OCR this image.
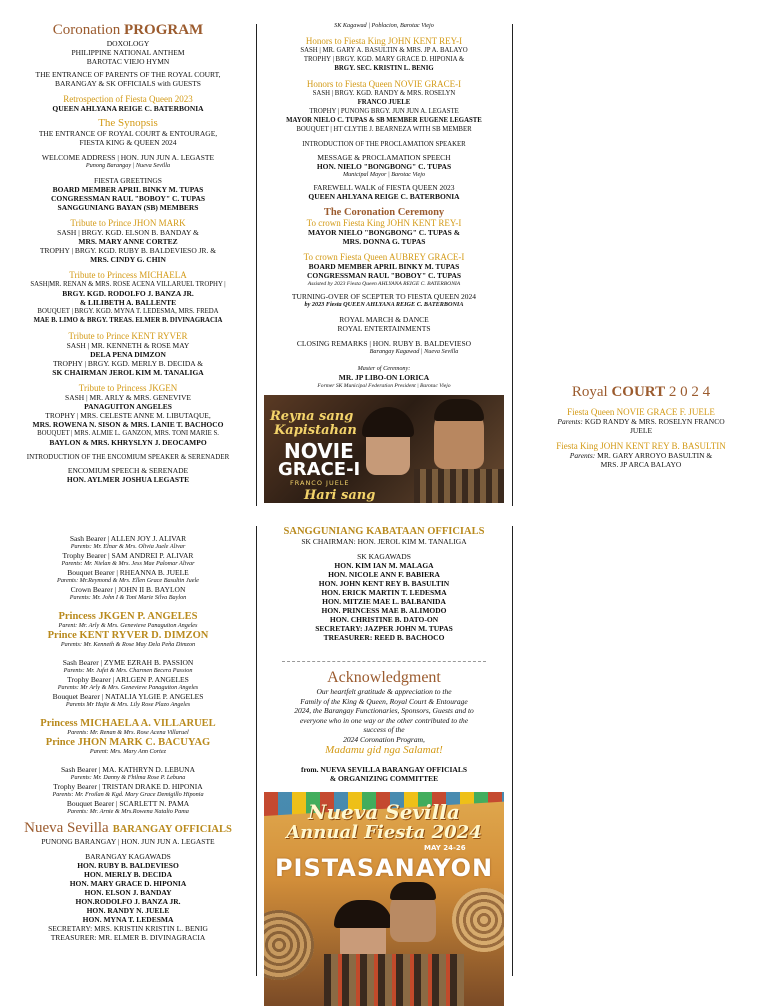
Coronation PROGRAM
DOXOLOGY
PHILIPPINE NATIONAL ANTHEM
BAROTAC VIEJO HYMN
THE ENTRANCE OF PARENTS OF THE ROYAL COURT,
BARANGAY & SK OFFICIALS with GUESTS
Retrospection of Fiesta Queen 2023
QUEEN AHLYANA REIGE C. BATERBONIA
The Synopsis
THE ENTRANCE OF ROYAL COURT & ENTOURAGE,
FIESTA KING & QUEEN 2024
WELCOME ADDRESS | HON. JUN JUN A. LEGASTE
Punong Barangay | Nueva Sevilla
FIESTA GREETINGS
BOARD MEMBER APRIL BINKY M. TUPAS
CONGRESSMAN RAUL "BOBOY" C. TUPAS
SANGGUNIANG BAYAN (SB) MEMBERS
Tribute to Prince JHON MARK
SASH | BRGY. KGD. ELSON B. BANDAY &
MRS. MARY ANNE CORTEZ
TROPHY | BRGY. KGD. RUBY B. BALDEVIESO JR. &
MRS. CINDY G. CHIN
Tribute to Princess MICHAELA
SASH|MR. RENAN & MRS. ROSE ACENA VILLARUEL TROPHY |
BRGY. KGD. RODOLFO J. BANZA JR.
& LILIBETH A. BALLENTE
BOUQUET | BRGY. KGD. MYNA T. LEDESMA, MRS. FREDA
MAE B. LIMO & BRGY. TREAS. ELMER B. DIVINAGRACIA
Tribute to Prince KENT RYVER
SASH | MR. KENNETH & ROSE MAY
DELA PENA DIMZON
TROPHY | BRGY. KGD. MERLY B. DECIDA &
SK CHAIRMAN JEROL KIM M. TANALIGA
Tribute to Princess JKGEN
SASH | MR. ARLY & MRS. GENEVIVE
PANAGUITON ANGELES
TROPHY | MRS. CELESTE ANNE M. LIBUTAQUE,
MRS. ROWENA N. SISON & MRS. LANIE T. BACHOCO
BOUQUET | MRS. ALMIE L. GANZON, MRS. TONI MARIE S.
BAYLON & MRS. KHRYSLYN J. DEOCAMPO
INTRODUCTION OF THE ENCOMIUM SPEAKER & SERENADER
ENCOMIUM SPEECH & SERENADE
HON. AYLMER JOSHUA LEGASTE
SK Kagawad | Poblacion, Barotac Viejo
Honors to Fiesta King JOHN KENT REY-I
SASH | MR. GARY A. BASULTIN & MRS. JP A. BALAYO
TROPHY | BRGY. KGD. MARY GRACE D. HIPONIA &
BRGY. SEC. KRISTIN L. BENIG
Honors to Fiesta Queen NOVIE GRACE-I
SASH | BRGY. KGD. RANDY & MRS. ROSELYN
FRANCO JUELE
TROPHY | PUNONG BRGY. JUN JUN A. LEGASTE
MAYOR NIELO C. TUPAS & SB MEMBER EUGENE LEGASTE
BOUQUET | HT CLYTIE J. BEARNEZA WITH SB MEMBER
INTRODUCTION OF THE PROCLAMATION SPEAKER
MESSAGE & PROCLAMATION SPEECH
HON. NIELO "BONGBONG" C. TUPAS
Municipal Mayor | Barotac Viejo
FAREWELL WALK of FIESTA QUEEN 2023
QUEEN AHLYANA REIGE C. BATERBONIA
The Coronation Ceremony
To crown Fiesta King JOHN KENT REY-I
MAYOR NIELO "BONGBONG" C. TUPAS &
MRS. DONNA G. TUPAS
To crown Fiesta Queen AUBREY GRACE-I
BOARD MEMBER APRIL BINKY M. TUPAS
CONGRESSMAN RAUL "BOBOY" C. TUPAS
Assisted by 2023 Fiesta Queen AHLYANA REIGE C. BATERBONIA
TURNING-OVER OF SCEPTER TO FIESTA QUEEN 2024
by 2023 Fiesta QUEEN AHLYANA REIGE C. BATERBONIA
ROYAL MARCH & DANCE
ROYAL ENTERTAINMENTS
CLOSING REMARKS | HON. RUBY B. BALDEVIESO
Barangay Kagawad | Nueva Sevilla
Master of Ceremony:
MR. JP LIBO-ON LORICA
Former SK Municipal Federation President | Barotac Viejo
Reyna sang
Kapistahan
NOVIE
GRACE-I
FRANCO JUELE
Hari sang
Royal COURT 2 0 2 4
Fiesta Queen NOVIE GRACE F. JUELE
Parents: KGD RANDY & MRS. ROSELYN FRANCO
JUELE
Fiesta King JOHN KENT REY B. BASULTIN
Parents: MR. GARY ARROYO BASULTIN &
MRS. JP ARCA BALAYO
Sash Bearer | ALLEN JOY J. ALIVAR
Parents: Mr. Elnar & Mrs. Olivia Juele Alivar
Trophy Bearer | SAM ANDREI P. ALIVAR
Parents: Mr. Nielan & Mrs. Jess Mae Palomar Alivar
Bouquet Bearer | RHEANNA B. JUELE
Parents: Mr.Reymond & Mrs. Ellen Grace Basultin Juele
Crown Bearer | JOHN II B. BAYLON
Parents: Mr. John I & Toni Marie Silva Baylon
Princess JKGEN P. ANGELES
Parent: Mr. Arly & Mrs. Genevieve Panaguiton Angeles
Prince KENT RYVER D. DIMZON
Parents: Mr. Kenneth & Rose May Dela Peña Dimzon
Sash Bearer | ZYME EZRAH B. PASSION
Parents: Mr. Jufet & Mrs. Charmen Becera Passion
Trophy Bearer | ARLGEN P. ANGELES
Parents: Mr Arly & Mrs. Genevieve Panaguiton Angeles
Bouquet Bearer | NATALIA YLGIE P. ANGELES
Parents Mr Hajie & Mrs. Lily Rose Plazo Angeles
Princess MICHAELA A. VILLARUEL
Parents: Mr. Renan & Mrs. Rose Acena Villaruel
Prince JHON MARK C. BACUYAG
Parent: Mrs. Mary Ann Cortez
Sash Bearer | MA. KATHRYN D. LEBUNA
Parents: Mr. Danny & Fhilma Rose P. Lebuna
Trophy Bearer | TRISTAN DRAKE D. HIPONIA
Parents: Mr. Froilan & Kgd. Mary Grace Demigillo Hiponia
Bouquet Bearer | SCARLETT N. PAMA
Parents: Mr. Arnie & Mrs.Rowena Natalio Pama
Nueva Sevilla BARANGAY OFFICIALS
PUNONG BARANGAY | HON. JUN JUN A. LEGASTE
BARANGAY KAGAWADS
HON. RUBY B. BALDEVIESO
HON. MERLY B. DECIDA
HON. MARY GRACE D. HIPONIA
HON. ELSON J. BANDAY
HON.RODOLFO J. BANZA JR.
HON. RANDY N. JUELE
HON. MYNA T. LEDESMA
SECRETARY: MRS. KRISTIN KRISTIN L. BENIG
TREASURER: MR. ELMER B. DIVINAGRACIA
SANGGUNIANG KABATAAN OFFICIALS
SK CHAIRMAN: HON. JEROL KIM M. TANALIGA
SK KAGAWADS
HON. KIM IAN M. MALAGA
HON. NICOLE ANN F. BABIERA
HON. JOHN KENT REY B. BASULTIN
HON. ERICK MARTIN T. LEDESMA
HON. MITZIE MAE L. BALBANIDA
HON. PRINCESS MAE B. ALIMODO
HON. CHRISTINE B. DATO-ON
SECRETARY: JAZPER JOHN M. TUPAS
TREASURER: REED B. BACHOCO
Acknowledgment
Our heartfelt gratitude & appreciation to the
Family of the King & Queen, Royal Court & Entourage
2024, the Barangay Functionaries, Sponsors, Guests and to
everyone who in one way or the other contributed to the
success of the
2024 Coronation Program,
Madamu gid nga Salamat!
from. NUEVA SEVILLA BARANGAY OFFICIALS
& ORGANIZING COMMITTEE
Nueva Sevilla
Annual Fiesta 2024
MAY 24-26
PISTASANAYON
